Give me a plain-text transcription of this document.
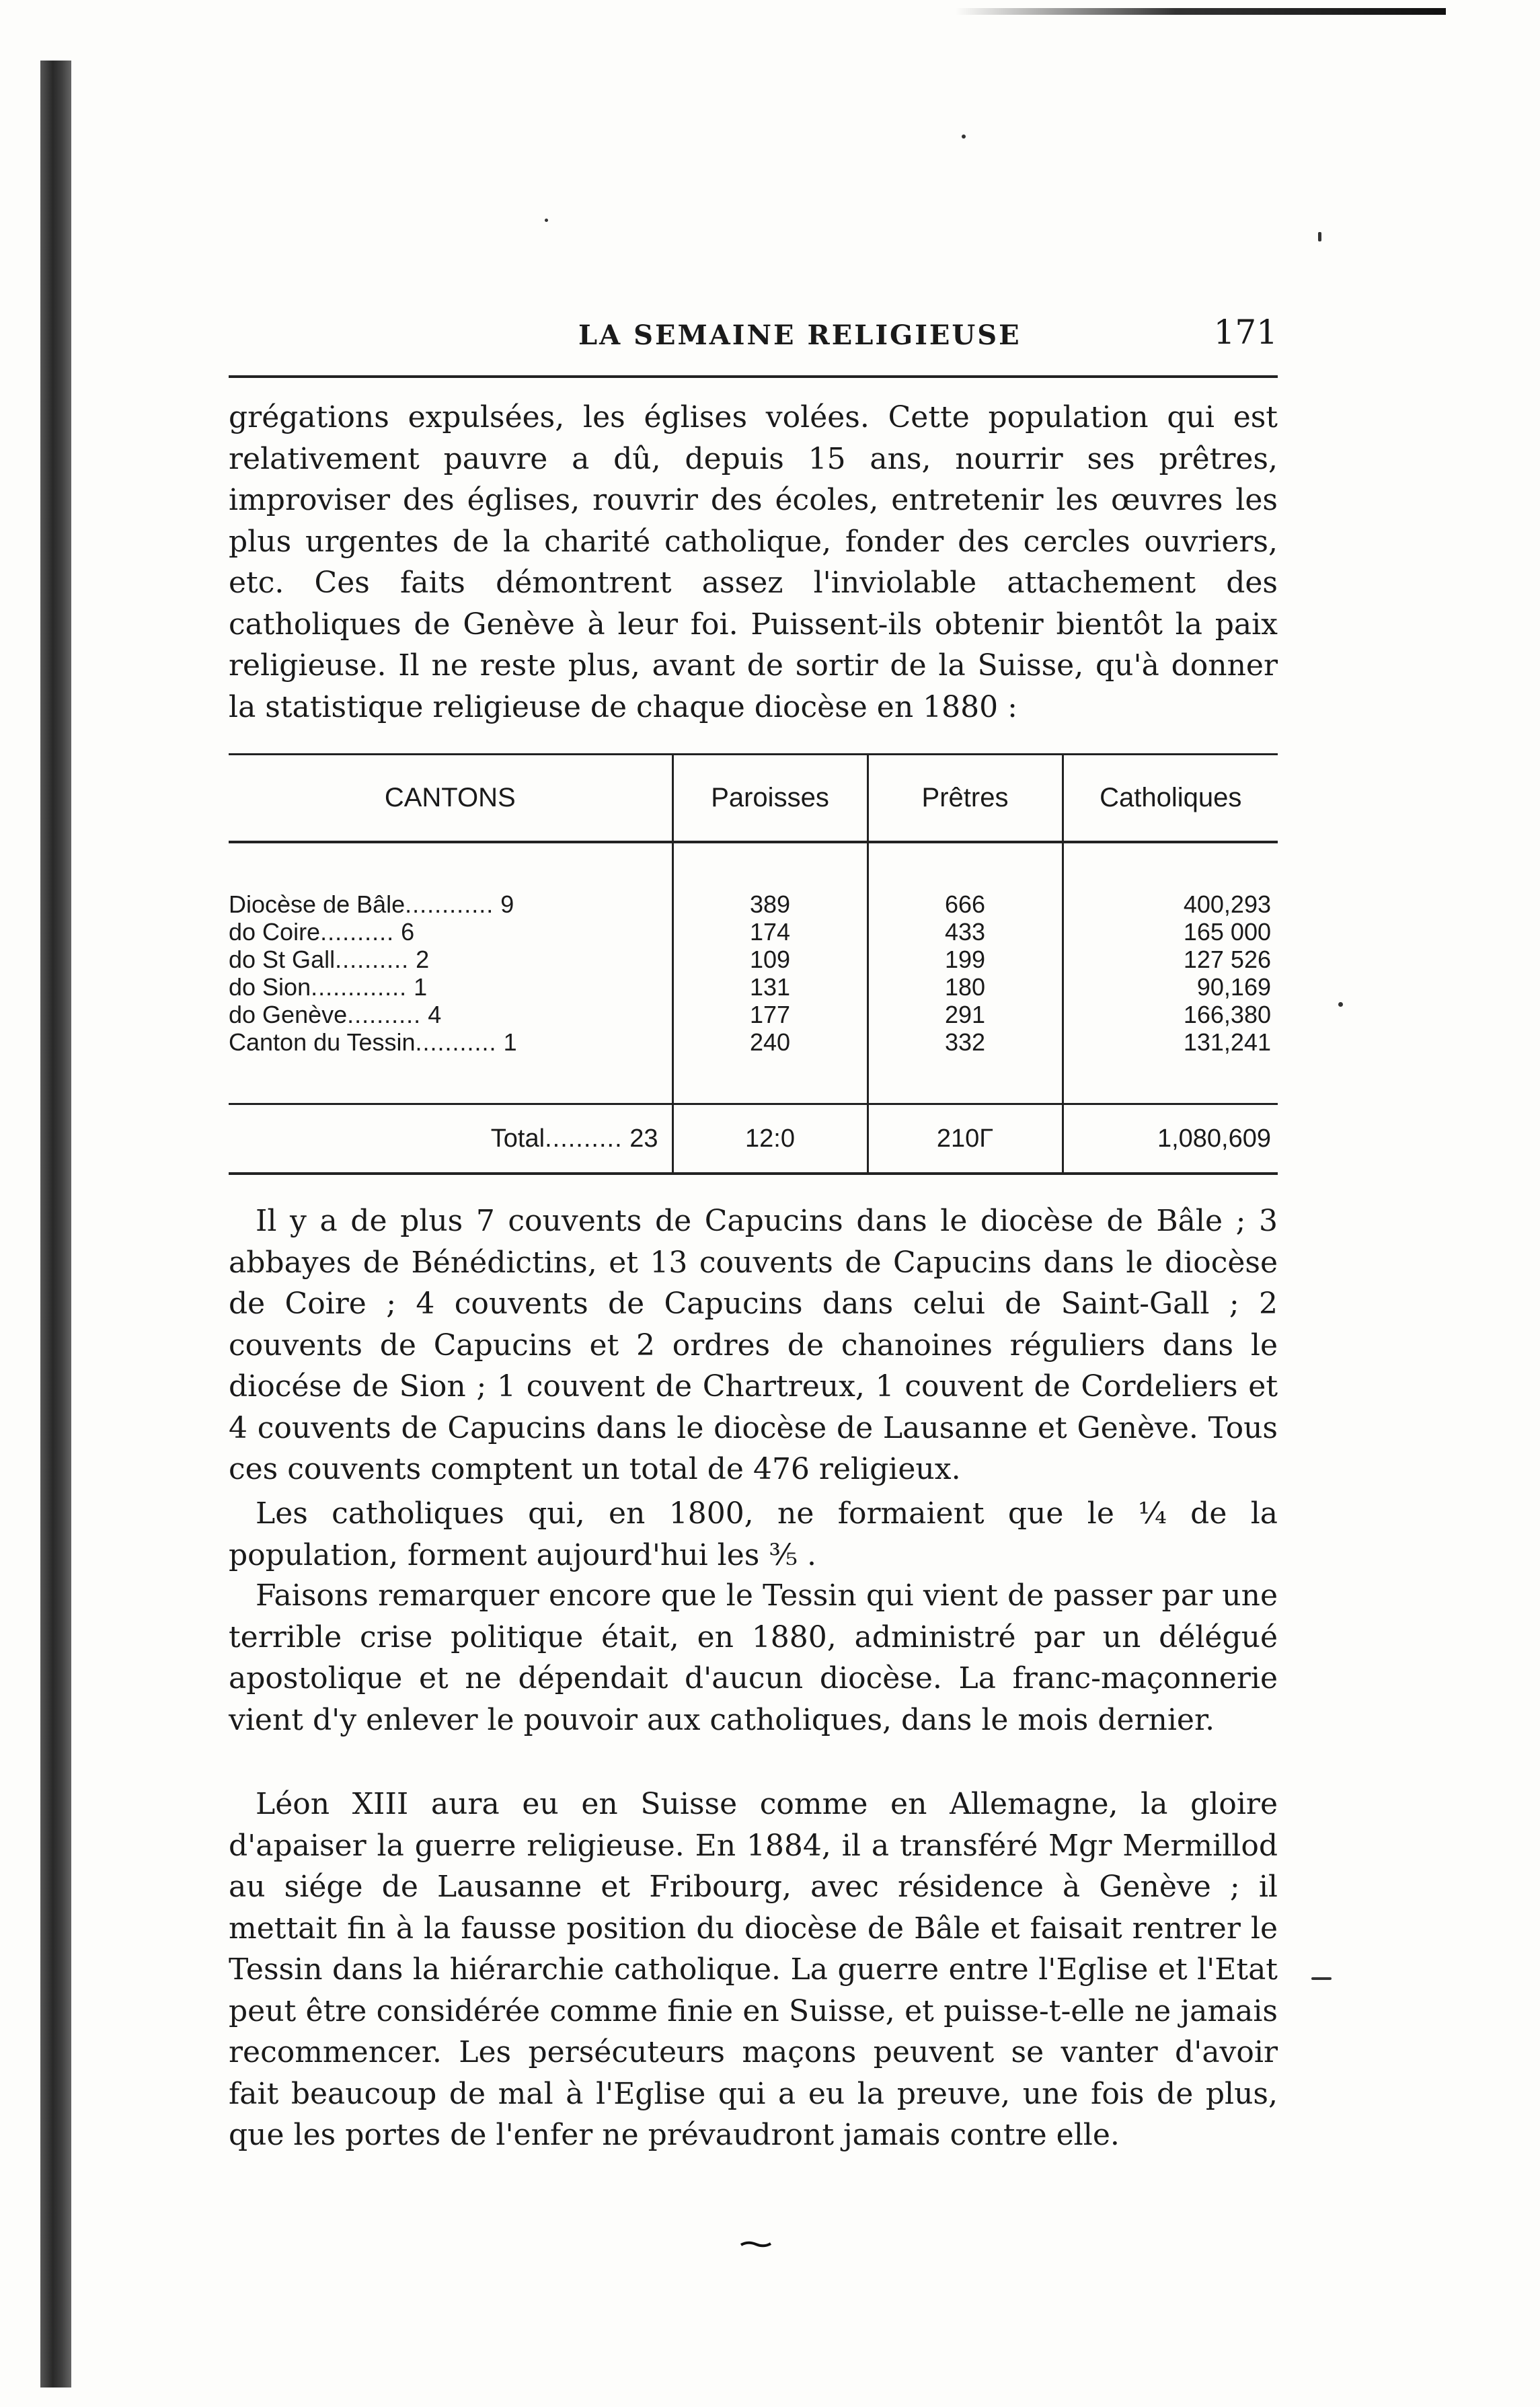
LA SEMAINE RELIGIEUSE	171
grégations expulsées, les églises volées. Cette population qui est relativement pauvre a dû, depuis 15 ans, nourrir ses prêtres, improviser des églises, rouvrir des écoles, entretenir les œuvres les plus urgentes de la charité catholique, fonder des cercles ouvriers, etc. Ces faits démontrent assez l'inviolable attachement des catholiques de Genève à leur foi. Puissent-ils obtenir bientôt la paix religieuse. Il ne reste plus, avant de sortir de la Suisse, qu'à donner la statistique religieuse de chaque diocèse en 1880 :
CANTONS	Paroisses	Prêtres	Catholiques

Diocèse de Bâle............ 9	389	666	400,293
do Coire.......... 6	174	433	165 000
do St Gall.......... 2	109	199	127 526
do Sion............. 1	131	180	90,169
do Genève.......... 4	177	291	166,380
Canton du Tessin........... 1	240	332	131,241

Total.......... 23	12:0	210Γ	1,080,609
Il y a de plus 7 couvents de Capucins dans le diocèse de Bâle ; 3 abbayes de Bénédictins, et 13 couvents de Capucins dans le diocèse de Coire ; 4 couvents de Capucins dans celui de Saint-Gall ; 2 couvents de Capucins et 2 ordres de chanoines réguliers dans le diocése de Sion ; 1 couvent de Chartreux, 1 couvent de Cordeliers et 4 couvents de Capucins dans le diocèse de Lausanne et Genève. Tous ces couvents comptent un total de 476 religieux.
Les catholiques qui, en 1800, ne formaient que le ¼ de la population, forment aujourd'hui les ⅗ .
Faisons remarquer encore que le Tessin qui vient de passer par une terrible crise politique était, en 1880, administré par un délégué apostolique et ne dépendait d'aucun diocèse. La franc-maçonnerie vient d'y enlever le pouvoir aux catholiques, dans le mois dernier.
Léon XIII aura eu en Suisse comme en Allemagne, la gloire d'apaiser la guerre religieuse. En 1884, il a transféré Mgr Mermillod au siége de Lausanne et Fribourg, avec résidence à Genève ; il mettait fin à la fausse position du diocèse de Bâle et faisait rentrer le Tessin dans la hiérarchie catholique. La guerre entre l'Eglise et l'Etat peut être considérée comme finie en Suisse, et puisse-t-elle ne jamais recommencer. Les persécuteurs maçons peuvent se vanter d'avoir fait beaucoup de mal à l'Eglise qui a eu la preuve, une fois de plus, que les portes de l'enfer ne prévaudront jamais contre elle.
